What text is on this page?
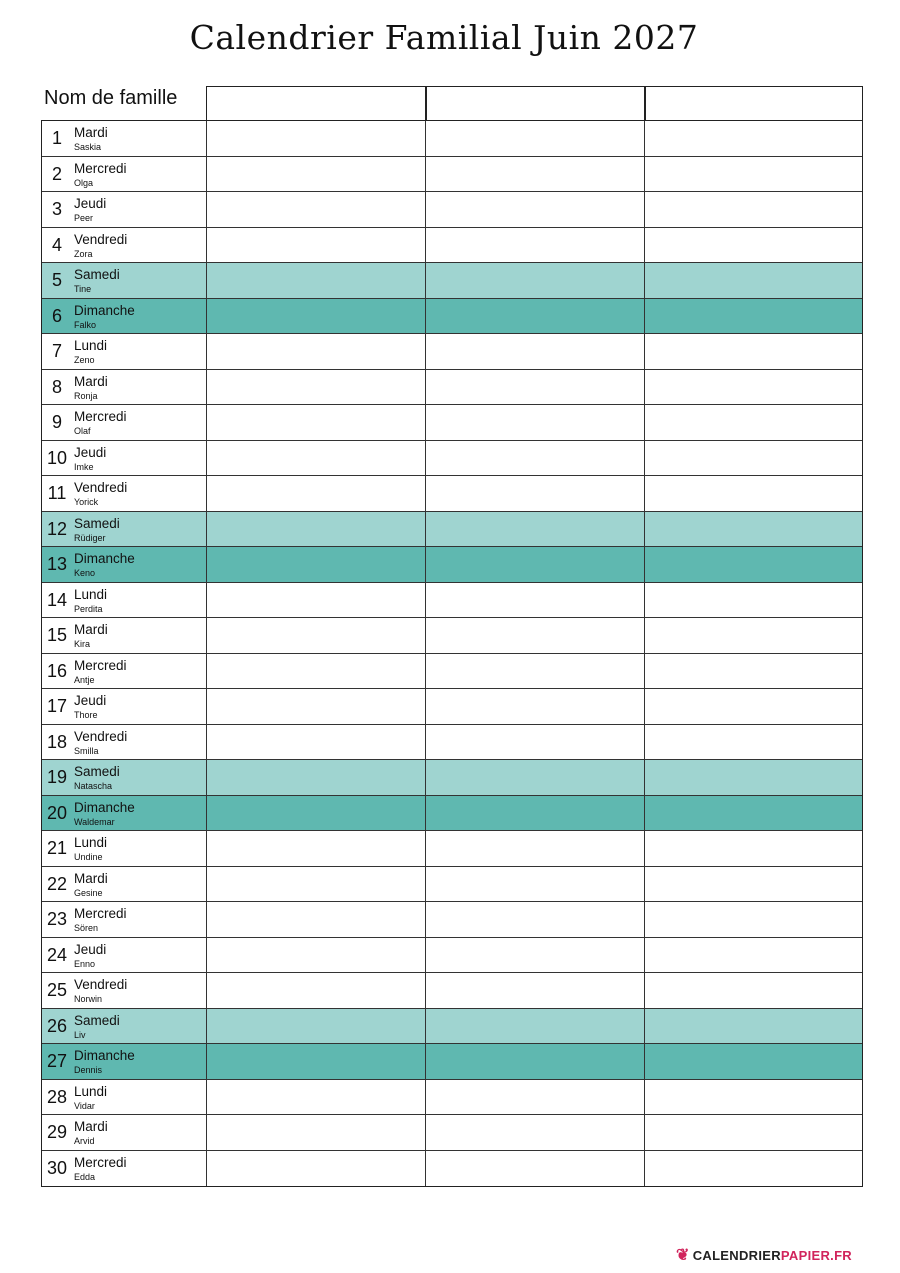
Calendrier Familial Juin 2027
Nom de famille
1 Mardi
Saskia
2 Mercredi
Olga
3 Jeudi
Peer
4 Vendredi
Zora
5 Samedi
Tine
6 Dimanche
Falko
7 Lundi
Zeno
8 Mardi
Ronja
9 Mercredi
Olaf
10 Jeudi
Imke
11 Vendredi
Yorick
12 Samedi
Rüdiger
13 Dimanche
Keno
14 Lundi
Perdita
15 Mardi
Kira
16 Mercredi
Antje
17 Jeudi
Thore
18 Vendredi
Smilla
19 Samedi
Natascha
20 Dimanche
Waldemar
21 Lundi
Undine
22 Mardi
Gesine
23 Mercredi
Sören
24 Jeudi
Enno
25 Vendredi
Norwin
26 Samedi
Liv
27 Dimanche
Dennis
28 Lundi
Vidar
29 Mardi
Arvid
30 Mercredi
Edda
❦ CALENDRIER PAPIER.FR
